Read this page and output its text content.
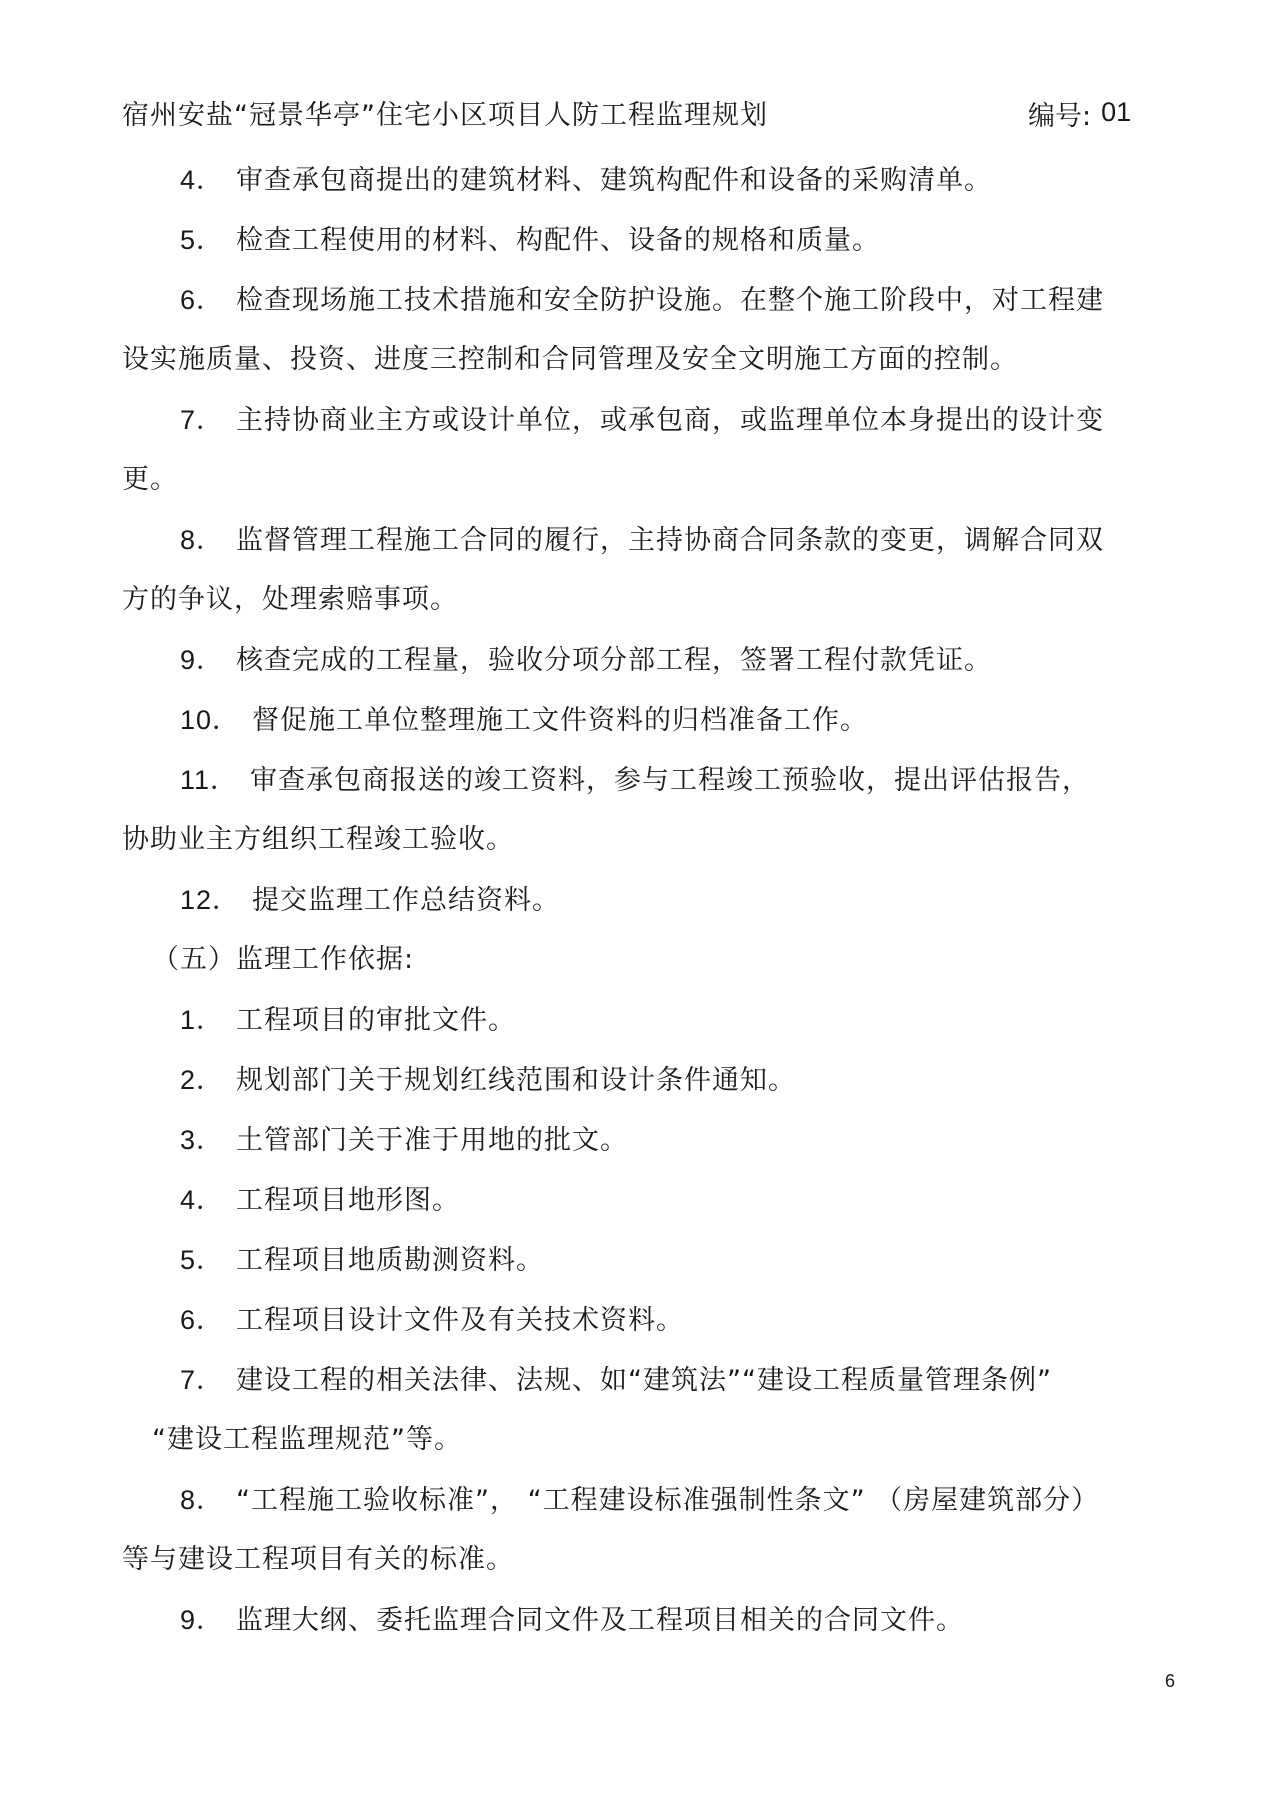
宿州安盐“冠景华亭”住宅小区项目人防工程监理规划	编号: 01
4． 审查承包商提出的建筑材料、建筑构配件和设备的采购清单。
5． 检查工程使用的材料、构配件、设备的规格和质量。
6． 检查现场施工技术措施和安全防护设施。在整个施工阶段中，对工程建
设实施质量、投资、进度三控制和合同管理及安全文明施工方面的控制。
7． 主持协商业主方或设计单位，或承包商，或监理单位本身提出的设计变
更。
8． 监督管理工程施工合同的履行，主持协商合同条款的变更，调解合同双
方的争议，处理索赔事项。
9． 核查完成的工程量，验收分项分部工程，签署工程付款凭证。
10． 督促施工单位整理施工文件资料的归档准备工作。
11． 审查承包商报送的竣工资料，参与工程竣工预验收，提出评估报告，
协助业主方组织工程竣工验收。
12． 提交监理工作总结资料。
（五）监理工作依据:
1． 工程项目的审批文件。
2． 规划部门关于规划红线范围和设计条件通知。
3． 土管部门关于准于用地的批文。
4． 工程项目地形图。
5． 工程项目地质勘测资料。
6． 工程项目设计文件及有关技术资料。
7． 建设工程的相关法律、法规、如“建筑法”“建设工程质量管理条例”
“建设工程监理规范”等。
8． “工程施工验收标准”， “工程建设标准强制性条文” （房屋建筑部分）
等与建设工程项目有关的标准。
9． 监理大纲、委托监理合同文件及工程项目相关的合同文件。
6
